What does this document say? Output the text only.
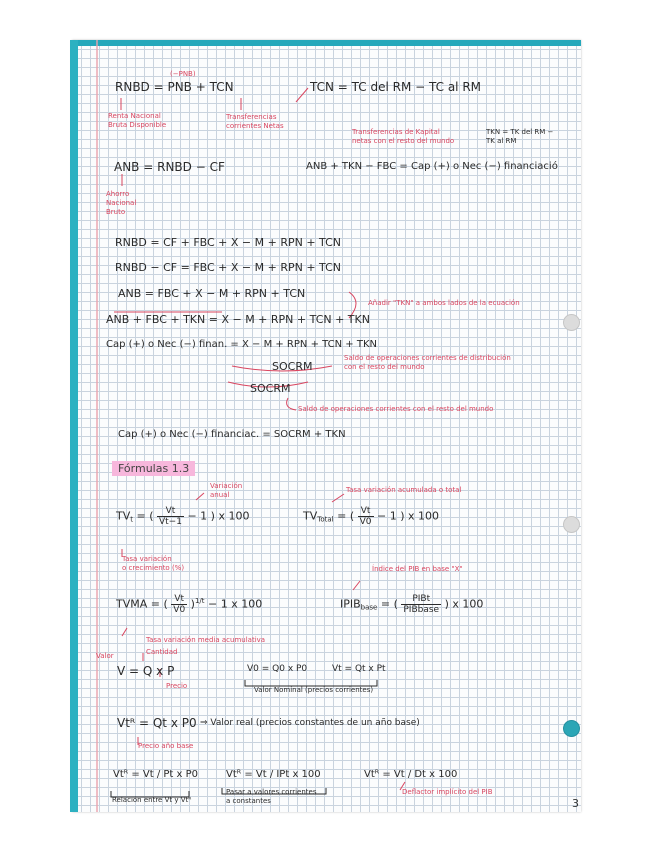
(−PNB)
RNBD = PNB + TCN	TCN = TC del RM − TC al RM
Renta Nacional
Bruta Disponible
Transferencias
corrientes Netas
Transferencias de Kapital
netas con el resto del mundo
TKN = TK del RM −
TK al RM
ANB = RNBD − CF	ANB + TKN − FBC = Cap (+) o Nec (−) financiació
Ahorro
Nacional
Bruto
RNBD = CF + FBC + X − M + RPN + TCN
RNBD − CF = FBC + X − M + RPN + TCN
ANB = FBC + X − M + RPN + TCN
Añadir "TKN" a ambos lados de la ecuación
ANB + FBC + TKN = X − M + RPN + TCN + TKN
Cap (+) o Nec (−) finan. = X − M + RPN + TCN + TKN
SOCRM
Saldo de operaciones corrientes de distribución
con el resto del mundo
SOCRM
Saldo de operaciones corrientes con el resto del mundo
Cap (+) o Nec (−) financiac. = SOCRM + TKN
Fórmulas 1.3
Variación
anual
Tasa variación acumulada o total
$TV_t$ = ( $\frac{Vt}{Vt-1} - 1$ ) x 100	$TV_{Total}$ = ( $\frac{Vt}{V0} - 1$ ) x 100
Tasa variación
o crecimiento (%)	Índice del PIB en base "X"
TVMA = ( $\frac{Vt}{V0} )^{1/t} - 1$ x 100	$IPIB_{base}$ = ( $\frac{\text{PIBt}}{\text{PIBbase}}$ ) x 100
Tasa variación media acumulativa
Valor	Cantidad
V = Q x P	V0 = Q0 x P0	Vt = Qt x Pt
Precio	Valor Nominal (precios corrientes)
Vtᴿ = Qt x P0 ⇒ Valor real (precios constantes de un año base)
Precio año base
Vtᴿ = Vt / Pt x P0	Vtᴿ = Vt / IPt x 100	Vtᴿ = Vt / Dt x 100
Relación entre Vt y Vtᴿ
Pasar a valores corrientes
a constantes
Deflactor implícito del PIB
3
